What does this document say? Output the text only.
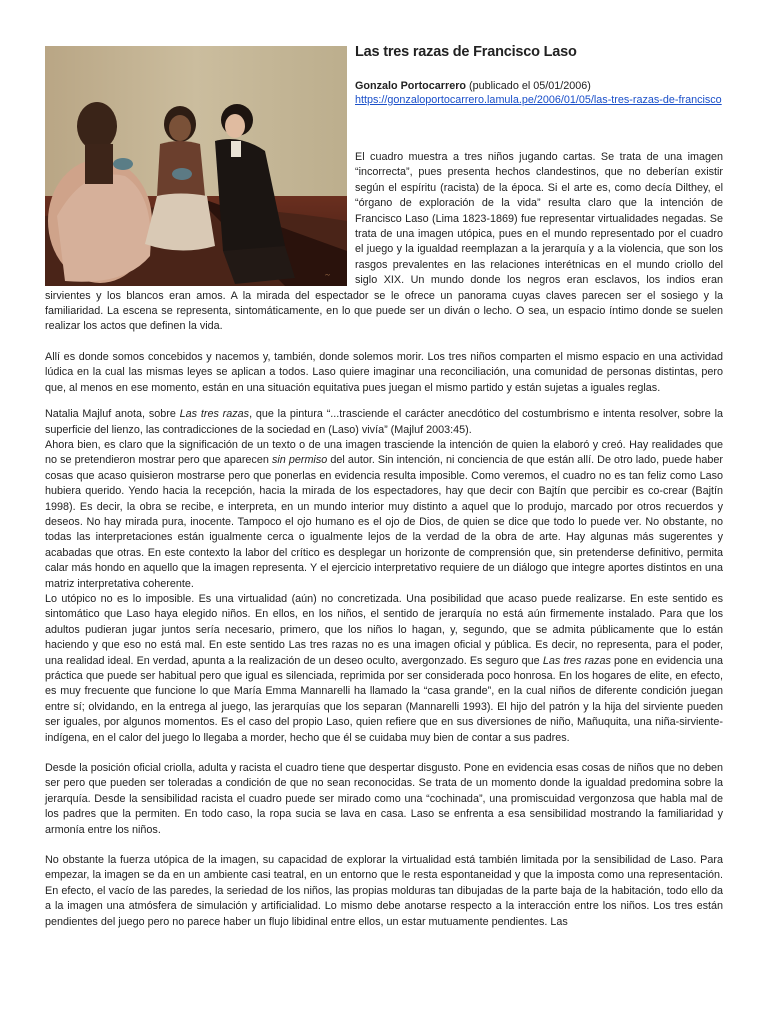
~
Las tres razas de Francisco Laso
Gonzalo Portocarrero (publicado el 05/01/2006)
https://gonzaloportocarrero.lamula.pe/2006/01/05/las-tres-razas-de-francisco

El cuadro muestra a tres niños jugando cartas. Se trata de una imagen “incorrecta”, pues presenta hechos clandestinos, que no deberían existir según el espíritu (racista) de la época. Si el arte es, como decía Dilthey, el “órgano de exploración de la vida” resulta claro que la intención de Francisco Laso (Lima 1823-1869) fue representar virtualidades negadas. Se trata de una imagen utópica, pues en el mundo representado por el cuadro el juego y la igualdad reemplazan a la jerarquía y a la violencia, que son los rasgos prevalentes en las relaciones interétnicas en el mundo criollo del siglo XIX. Un mundo donde los negros eran esclavos, los indios eran sirvientes y los blancos eran amos. A la mirada del espectador se le ofrece un panorama cuyas claves parecen ser el sosiego y la familiaridad. La escena se representa, sintomáticamente, en lo que puede ser un diván o lecho. O sea, un espacio íntimo donde se suelen realizar los actos que definen la vida.

Allí es donde somos concebidos y nacemos y, también, donde solemos morir. Los tres niños comparten el mismo espacio en una actividad lúdica en la cual las mismas leyes se aplican a todos. Laso quiere imaginar una reconciliación, una comunidad de personas distintas, pero que, al menos en ese momento, están en una situación equitativa pues juegan el mismo partido y están sujetas a iguales reglas.

Natalia Majluf anota, sobre Las tres razas, que la pintura “...trasciende el carácter anecdótico del costumbrismo e intenta resolver, sobre la superficie del lienzo, las contradicciones de la sociedad en (Laso) vivía” (Majluf 2003:45).

Ahora bien, es claro que la significación de un texto o de una imagen trasciende la intención de quien la elaboró y creó. Hay realidades que no se pretendieron mostrar pero que aparecen sin permiso del autor. Sin intención, ni conciencia de que están allí. De otro lado, puede haber cosas que acaso quisieron mostrarse pero que ponerlas en evidencia resulta imposible. Como veremos, el cuadro no es tan feliz como Laso hubiera querido. Yendo hacia la recepción, hacia la mirada de los espectadores, hay que decir con Bajtín que percibir es co-crear (Bajtín 1998). Es decir, la obra se recibe, e interpreta, en un mundo interior muy distinto a aquel que lo produjo, marcado por otros recuerdos y deseos. No hay mirada pura, inocente. Tampoco el ojo humano es el ojo de Dios, de quien se dice que todo lo puede ver. No obstante, no todas las interpretaciones están igualmente cerca o igualmente lejos de la verdad de la obra de arte. Hay algunas más sugerentes y acabadas que otras. En este contexto la labor del crítico es desplegar un horizonte de comprensión que, sin pretenderse definitivo, permita calar más hondo en aquello que la imagen representa. Y el ejercicio interpretativo requiere de un diálogo que integre aportes distintos en una matriz interpretativa coherente.

Lo utópico no es lo imposible. Es una virtualidad (aún) no concretizada. Una posibilidad que acaso puede realizarse. En este sentido es sintomático que Laso haya elegido niños. En ellos, en los niños, el sentido de jerarquía no está aún firmemente instalado. Para que los adultos pudieran jugar juntos sería necesario, primero, que los niños lo hagan, y, segundo, que se admita públicamente que lo están haciendo y que eso no está mal. En este sentido Las tres razas no es una imagen oficial y pública. Es decir, no representa, para el poder, una realidad ideal. En verdad, apunta a la realización de un deseo oculto, avergonzado. Es seguro que Las tres razas pone en evidencia una práctica que puede ser habitual pero que igual es silenciada, reprimida por ser considerada poco honrosa. En los hogares de elite, en efecto, es muy frecuente que funcione lo que María Emma Mannarelli ha llamado la “casa grande”, en la cual niños de diferente condición juegan entre sí; olvidando, en la entrega al juego, las jerarquías que los separan (Mannarelli 1993). El hijo del patrón y la hija del sirviente pueden ser iguales, por algunos momentos. Es el caso del propio Laso, quien refiere que en sus diversiones de niño, Mañuquita, una niña-sirviente-indígena, en el calor del juego lo llegaba a morder, hecho que él se cuidaba muy bien de contar a sus padres.

Desde la posición oficial criolla, adulta y racista el cuadro tiene que despertar disgusto. Pone en evidencia esas cosas de niños que no deben ser pero que pueden ser toleradas a condición de que no sean reconocidas. Se trata de un momento donde la igualdad predomina sobre la jerarquía. Desde la sensibilidad racista el cuadro puede ser mirado como una “cochinada”, una promiscuidad vergonzosa que habla mal de los padres que la permiten. En todo caso, la ropa sucia se lava en casa. Laso se enfrenta a esa sensibilidad mostrando la familiaridad y armonía entre los niños.

No obstante la fuerza utópica de la imagen, su capacidad de explorar la virtualidad está también limitada por la sensibilidad de Laso. Para empezar, la imagen se da en un ambiente casi teatral, en un entorno que le resta espontaneidad y que la imposta como una representación. En efecto, el vacío de las paredes, la seriedad de los niños, las propias molduras tan dibujadas de la parte baja de la habitación, todo ello da a la imagen una atmósfera de simulación y artificialidad. Lo mismo debe anotarse respecto a la interacción entre los niños. Los tres están pendientes del juego pero no parece haber un flujo libidinal entre ellos, un estar mutuamente pendientes. Las
